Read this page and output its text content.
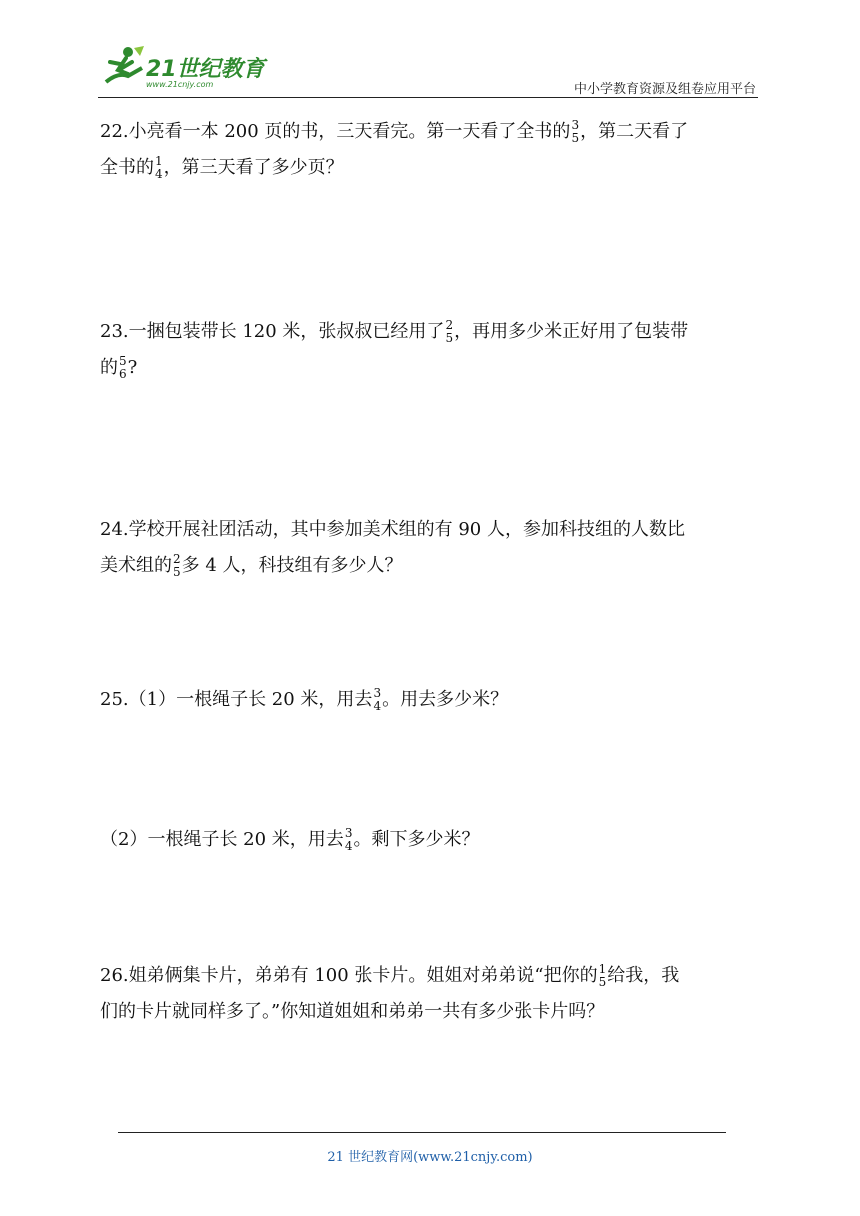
21世纪教育
www.21cnjy.com	中小学教育资源及组卷应用平台
22.小亮看一本 200 页的书，三天看完。第一天看了全书的 3
5 ，第二天看了
全书的 1
4 ，第三天看了多少页？
23.一捆包装带长 120 米，张叔叔已经用了 2
5 ，再用多少米正好用了包装带
的 5
6 ?
24.学校开展社团活动，其中参加美术组的有 90 人，参加科技组的人数比
美术组的 2
5 多 4 人，科技组有多少人？
25.（1）一根绳子长 20 米，用去 3
4 。用去多少米？
（2）一根绳子长 20 米，用去 3
4 。剩下多少米？
26.姐弟俩集卡片，弟弟有 100 张卡片。姐姐对弟弟说“把你的 1
5 给我，我
们的卡片就同样多了。”你知道姐姐和弟弟一共有多少张卡片吗？
21 世纪教育网(www.21cnjy.com)
